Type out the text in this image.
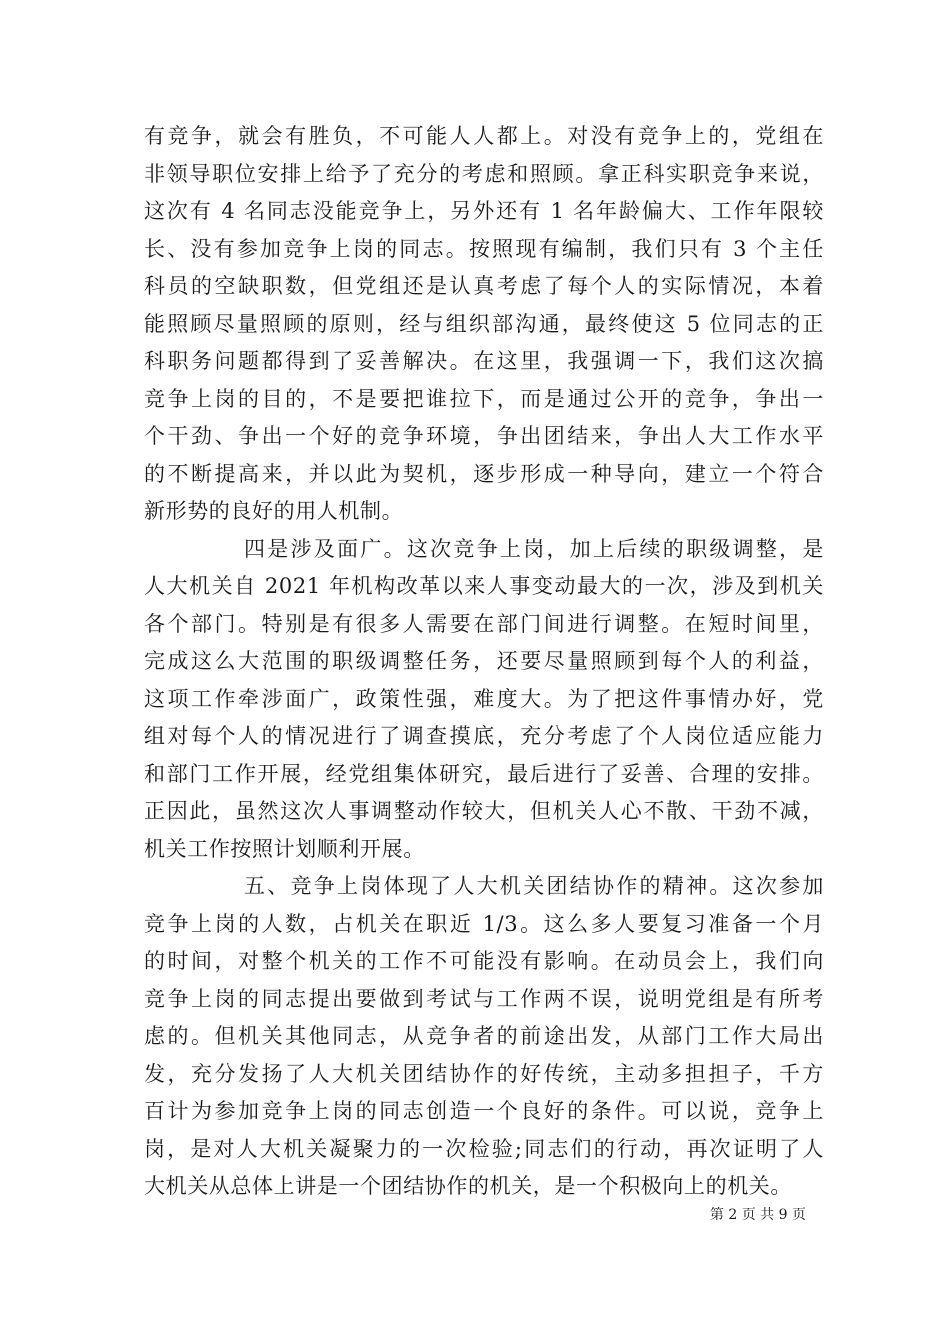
有竞争，就会有胜负，不可能人人都上。对没有竞争上的，党组在
非领导职位安排上给予了充分的考虑和照顾。拿正科实职竞争来说，
这次有 4 名同志没能竞争上，另外还有 1 名年龄偏大、工作年限较
长、没有参加竞争上岗的同志。按照现有编制，我们只有 3 个主任
科员的空缺职数，但党组还是认真考虑了每个人的实际情况，本着
能照顾尽量照顾的原则，经与组织部沟通，最终使这 5 位同志的正
科职务问题都得到了妥善解决。在这里，我强调一下，我们这次搞
竞争上岗的目的，不是要把谁拉下，而是通过公开的竞争，争出一
个干劲、争出一个好的竞争环境，争出团结来，争出人大工作水平
的不断提高来，并以此为契机，逐步形成一种导向，建立一个符合
新形势的良好的用人机制。
四是涉及面广。这次竞争上岗，加上后续的职级调整，是
人大机关自 2021 年机构改革以来人事变动最大的一次，涉及到机关
各个部门。特别是有很多人需要在部门间进行调整。在短时间里，
完成这么大范围的职级调整任务，还要尽量照顾到每个人的利益，
这项工作牵涉面广，政策性强，难度大。为了把这件事情办好，党
组对每个人的情况进行了调查摸底，充分考虑了个人岗位适应能力
和部门工作开展，经党组集体研究，最后进行了妥善、合理的安排。
正因此，虽然这次人事调整动作较大，但机关人心不散、干劲不减，
机关工作按照计划顺利开展。
五、竞争上岗体现了人大机关团结协作的精神。这次参加
竞争上岗的人数，占机关在职近 1/3。这么多人要复习准备一个月
的时间，对整个机关的工作不可能没有影响。在动员会上，我们向
竞争上岗的同志提出要做到考试与工作两不误，说明党组是有所考
虑的。但机关其他同志，从竞争者的前途出发，从部门工作大局出
发，充分发扬了人大机关团结协作的好传统，主动多担担子，千方
百计为参加竞争上岗的同志创造一个良好的条件。可以说，竞争上
岗，是对人大机关凝聚力的一次检验;同志们的行动，再次证明了人
大机关从总体上讲是一个团结协作的机关，是一个积极向上的机关。
第 2 页 共 9 页
